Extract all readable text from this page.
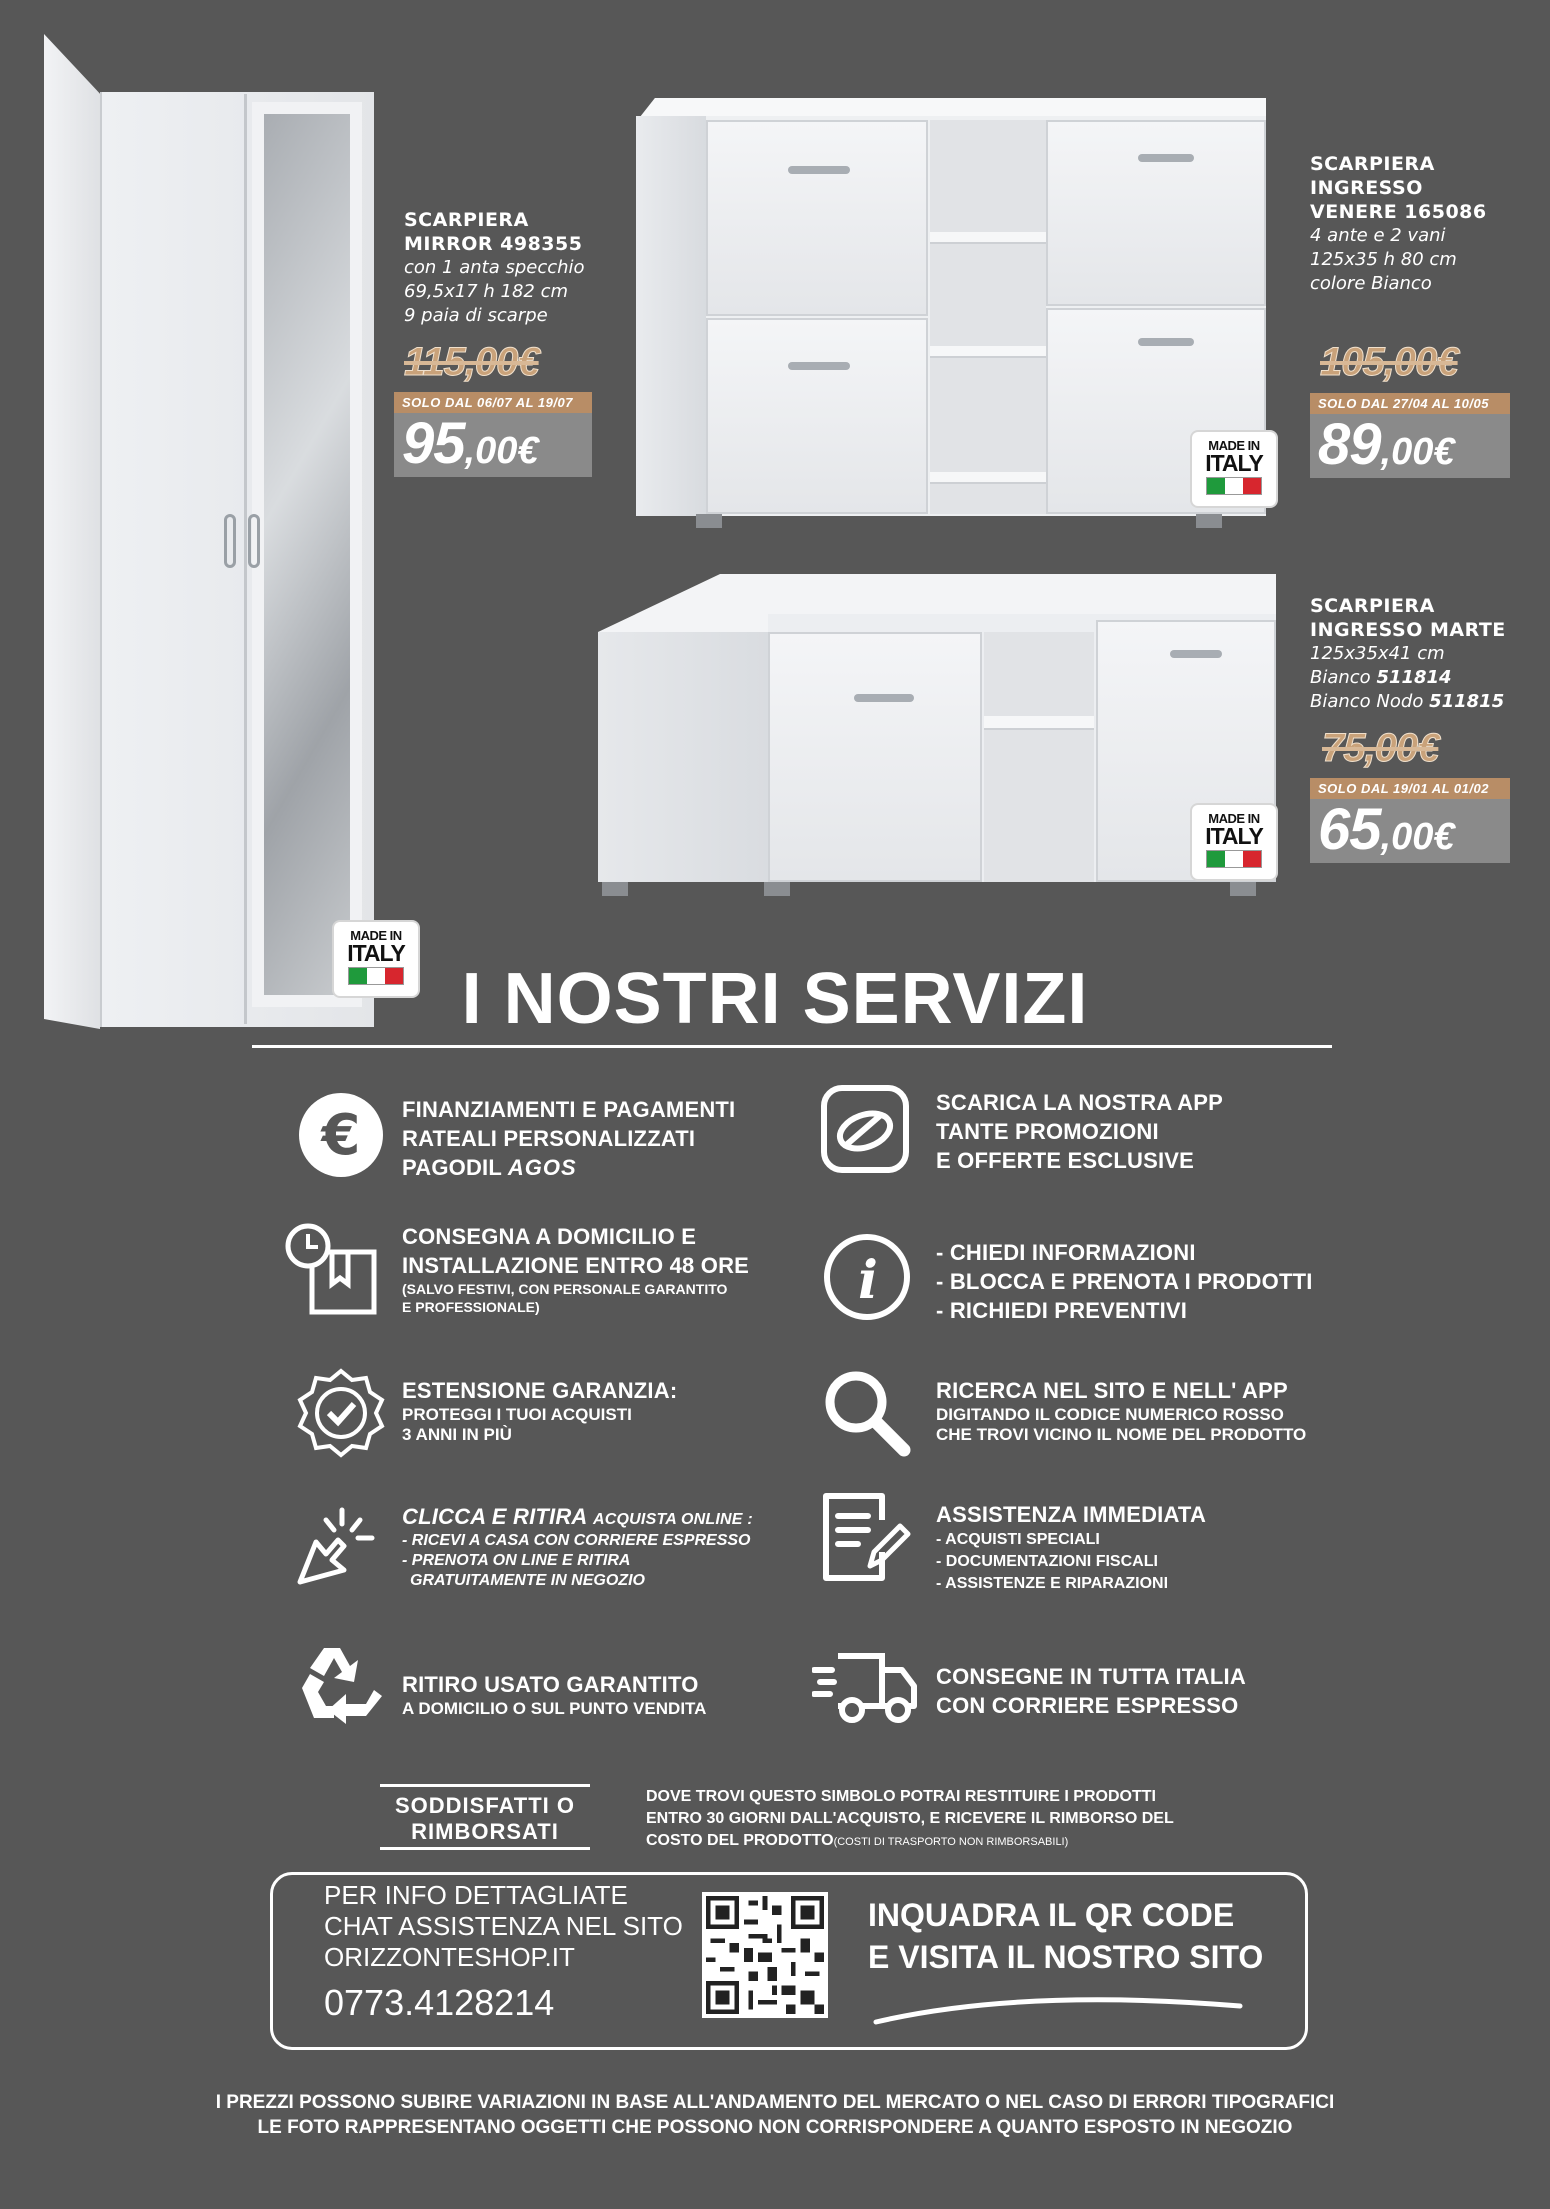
MADE IN
ITALY
MADE IN
ITALY
MADE IN
ITALY
SCARPIERA
MIRROR 498355
con 1 anta specchio
69,5x17 h 182 cm
9 paia di scarpe
115,00€
SOLO DAL 06/07 AL 19/07
95,00€
SCARPIERA
INGRESSO
VENERE 165086
4 ante e 2 vani
125x35 h 80 cm
colore Bianco
105,00€
SOLO DAL 27/04 AL 10/05
89,00€
SCARPIERA
INGRESSO MARTE
125x35x41 cm
Bianco 511814
Bianco Nodo 511815
75,00€
SOLO DAL 19/01 AL 01/02
65,00€
I NOSTRI SERVIZI
€ FINANZIAMENTI E PAGAMENTI
RATEALI PERSONALIZZATI
PAGODIL AGOS
SCARICA LA NOSTRA APP
TANTE PROMOZIONI
E OFFERTE ESCLUSIVE
CONSEGNA A DOMICILIO E
INSTALLAZIONE ENTRO 48 ORE
(SALVO FESTIVI, CON PERSONALE GARANTITO
E PROFESSIONALE)	i	- CHIEDI INFORMAZIONI
- BLOCCA E PRENOTA I PRODOTTI
- RICHIEDI PREVENTIVI
ESTENSIONE GARANZIA:
PROTEGGI I TUOI ACQUISTI
3 ANNI IN PIÙ
RICERCA NEL SITO E NELL' APP
DIGITANDO IL CODICE NUMERICO ROSSO
CHE TROVI VICINO IL NOME DEL PRODOTTO
CLICCA E RITIRA ACQUISTA ONLINE :
- RICEVI A CASA CON CORRIERE ESPRESSO
- PRENOTA ON LINE E RITIRA
GRATUITAMENTE IN NEGOZIO
ASSISTENZA IMMEDIATA
- ACQUISTI SPECIALI
- DOCUMENTAZIONI FISCALI
- ASSISTENZE E RIPARAZIONI
RITIRO USATO GARANTITO
A DOMICILIO O SUL PUNTO VENDITA
CONSEGNE IN TUTTA ITALIA
CON CORRIERE ESPRESSO
SODDISFATTI O
RIMBORSATI
DOVE TROVI QUESTO SIMBOLO POTRAI RESTITUIRE I PRODOTTI
ENTRO 30 GIORNI DALL'ACQUISTO, E RICEVERE IL RIMBORSO DEL
COSTO DEL PRODOTTO(COSTI DI TRASPORTO NON RIMBORSABILI)
PER INFO DETTAGLIATE
CHAT ASSISTENZA NEL SITO
ORIZZONTESHOP.IT
0773.4128214
INQUADRA IL QR CODE
E VISITA IL NOSTRO SITO
I PREZZI POSSONO SUBIRE VARIAZIONI IN BASE ALL'ANDAMENTO DEL MERCATO O NEL CASO DI ERRORI TIPOGRAFICI
LE FOTO RAPPRESENTANO OGGETTI CHE POSSONO NON CORRISPONDERE A QUANTO ESPOSTO IN NEGOZIO
